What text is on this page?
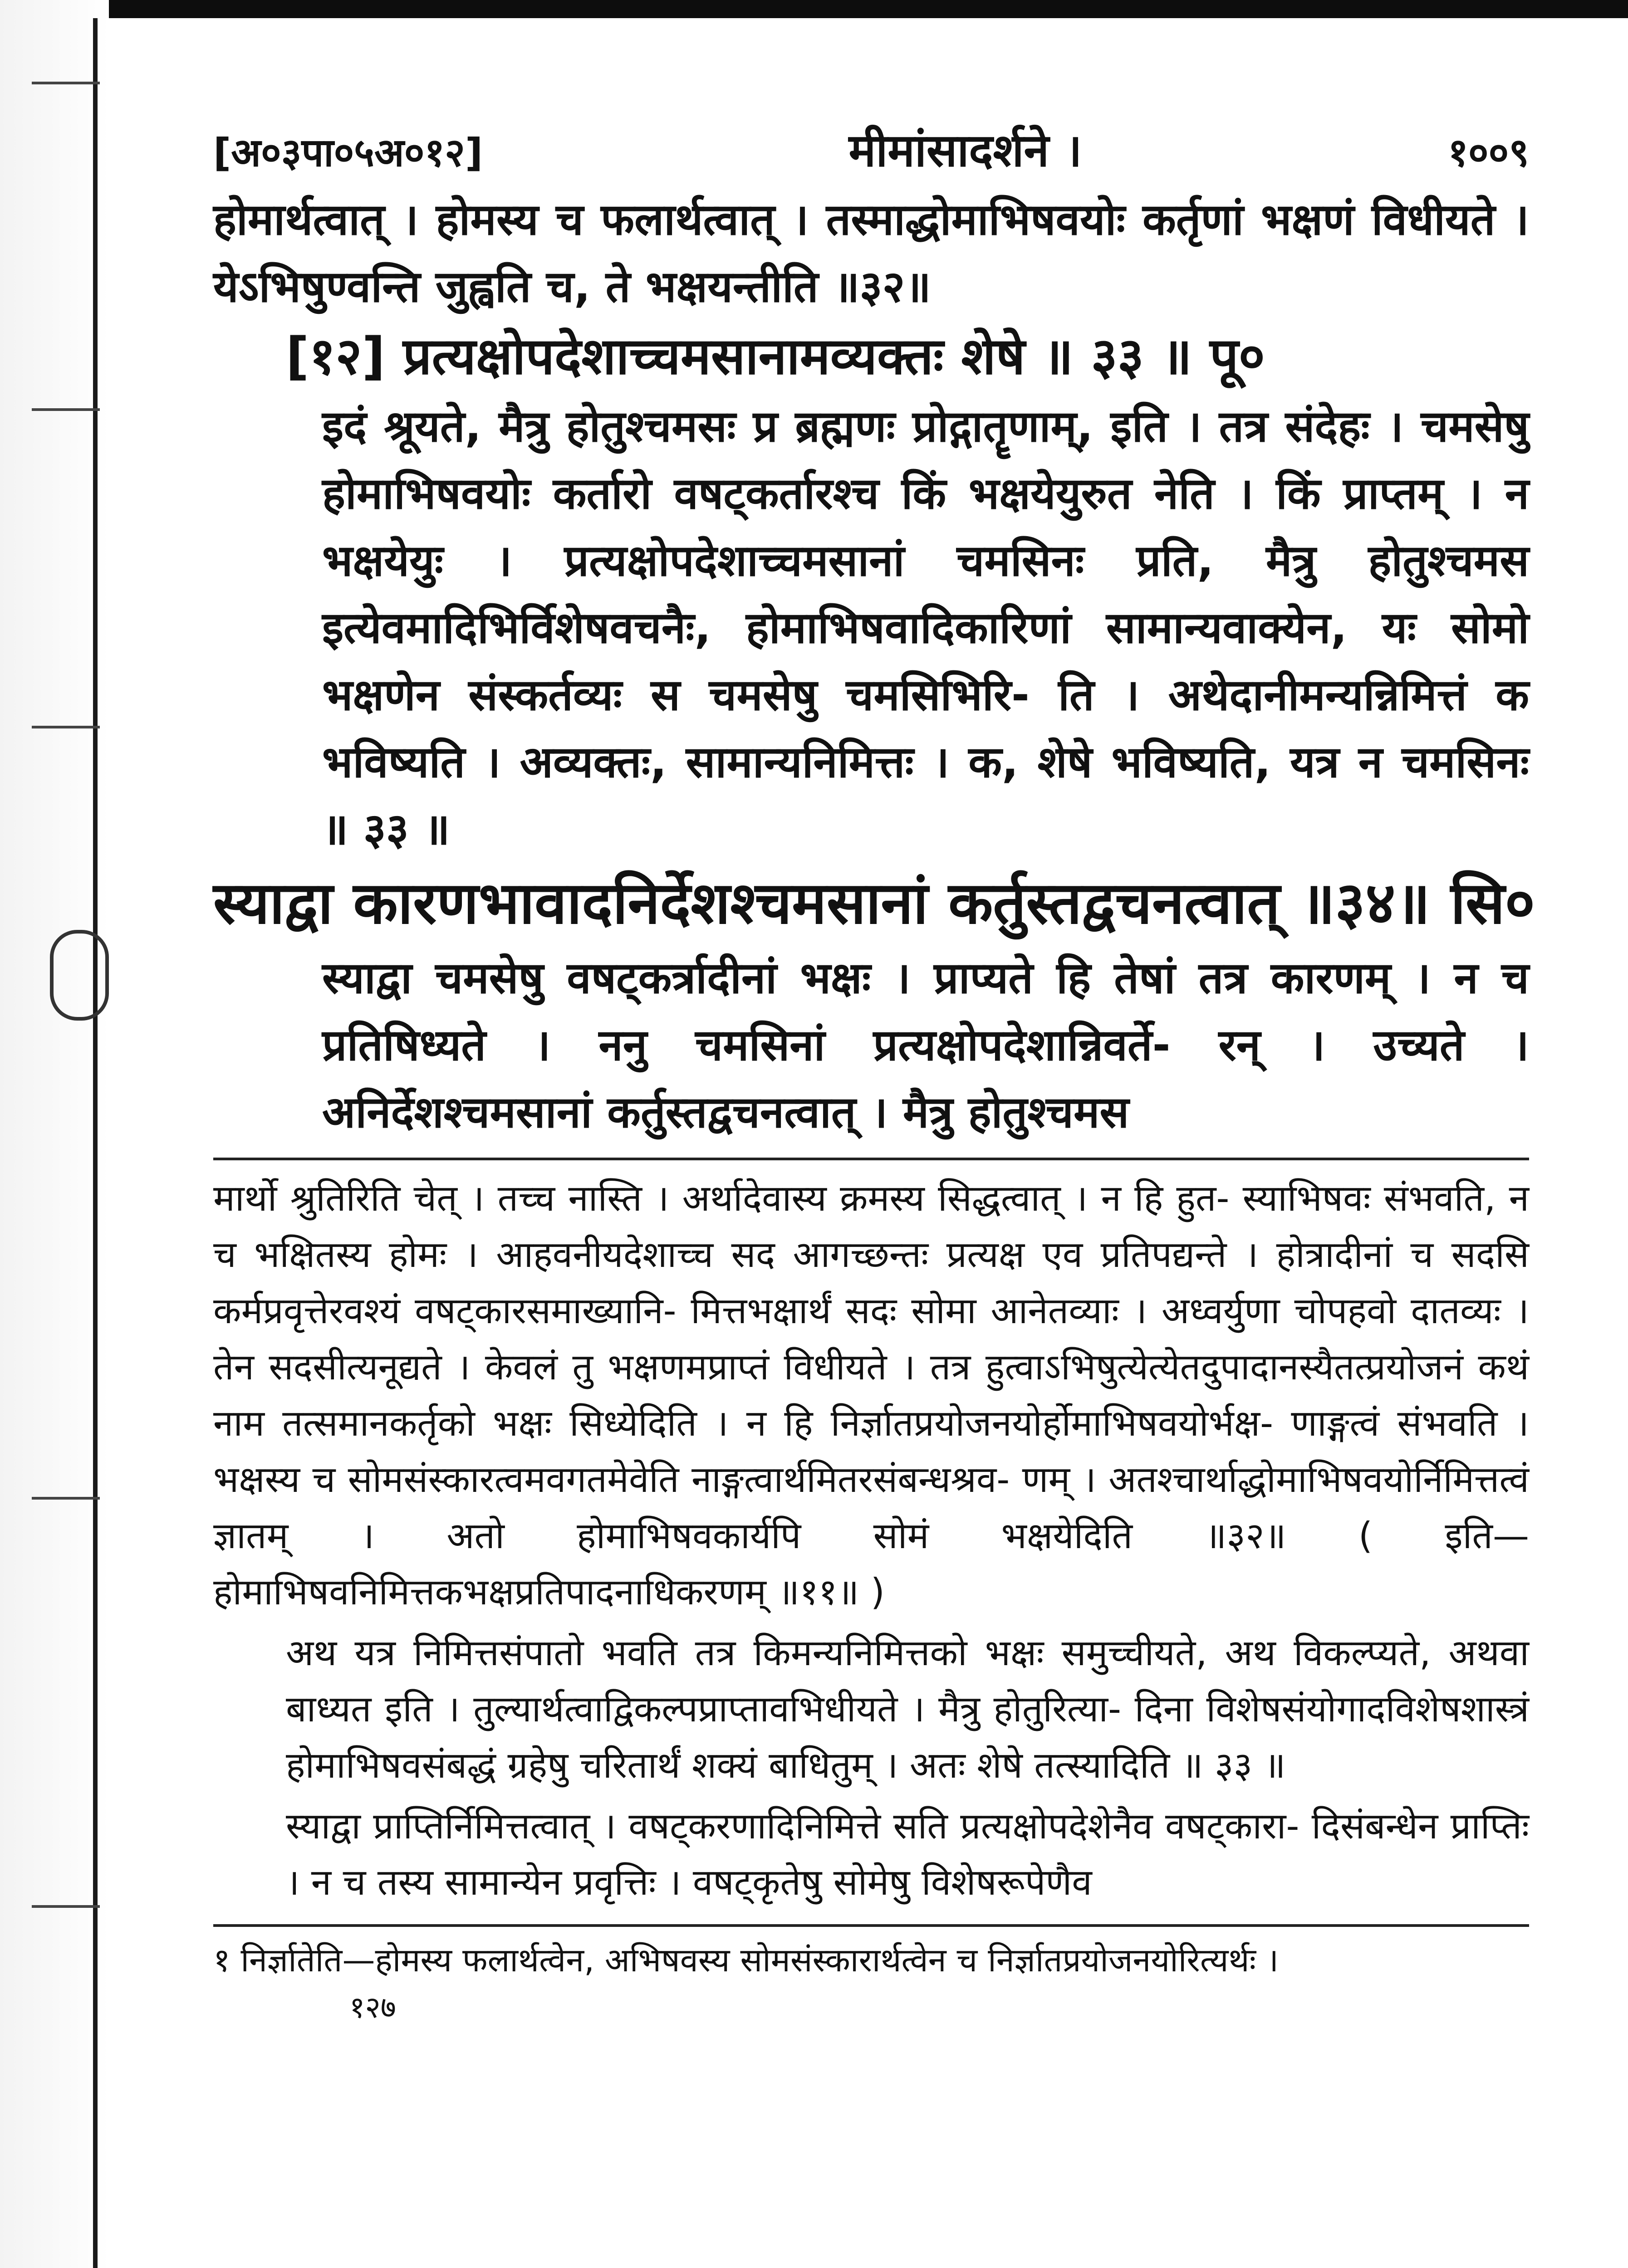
[अ०३पा०५अ०१२]	मीमांसादर्शने ।	१००९
होमार्थत्वात् । होमस्य च फलार्थत्वात् । तस्माद्धोमाभिषवयोः कर्तृणां भक्षणं विधीयते । येऽभिषुण्वन्ति जुह्वति च, ते भक्षयन्तीति ॥३२॥
[१२] प्रत्यक्षोपदेशाच्चमसानामव्यक्तः शेषे ॥ ३३ ॥ पू०
इदं श्रूयते, मैत्रु होतुश्चमसः प्र ब्रह्मणः प्रोद्गातॄणाम्, इति । तत्र संदेहः । चमसेषु होमाभिषवयोः कर्तारो वषट्कर्तारश्च किं भक्षयेयुरुत नेति । किं प्राप्तम् । न भक्षयेयुः । प्रत्यक्षोपदेशाच्चमसानां चमसिनः प्रति, मैत्रु होतुश्चमस इत्येवमादिभिर्विशेषवचनैः, होमाभिषवादिकारिणां सामान्यवाक्येन, यः सोमो भक्षणेन संस्कर्तव्यः स चमसेषु चमसिभिरि- ति । अथेदानीमन्यन्निमित्तं क भविष्यति । अव्यक्तः, सामान्यनिमित्तः । क, शेषे भविष्यति, यत्र न चमसिनः ॥ ३३ ॥
स्याद्वा कारणभावादनिर्देशश्चमसानां कर्तुस्तद्वचनत्वात् ॥३४॥ सि०
स्याद्वा चमसेषु वषट्कर्त्रादीनां भक्षः । प्राप्यते हि तेषां तत्र कारणम् । न च प्रतिषिध्यते । ननु चमसिनां प्रत्यक्षोपदेशान्निवर्ते- रन् । उच्यते । अनिर्देशश्चमसानां कर्तुस्तद्वचनत्वात् । मैत्रु होतुश्चमस
मार्थो श्रुतिरिति चेत् । तच्च नास्ति । अर्थादेवास्य क्रमस्य सिद्धत्वात् । न हि हुत- स्याभिषवः संभवति, न च भक्षितस्य होमः । आहवनीयदेशाच्च सद आगच्छन्तः प्रत्यक्ष एव प्रतिपद्यन्ते । होत्रादीनां च सदसि कर्मप्रवृत्तेरवश्यं वषट्कारसमाख्यानि- मित्तभक्षार्थं सदः सोमा आनेतव्याः । अध्वर्युणा चोपहवो दातव्यः । तेन सदसीत्यनूद्यते । केवलं तु भक्षणमप्राप्तं विधीयते । तत्र हुत्वाऽभिषुत्येत्येतदुपादानस्यैतत्प्रयोजनं कथं नाम तत्समानकर्तृको भक्षः सिध्येदिति । न हि निर्ज्ञातप्रयोजनयोर्होमाभिषवयोर्भक्ष- णाङ्गत्वं संभवति । भक्षस्य च सोमसंस्कारत्वमवगतमेवेति नाङ्गत्वार्थमितरसंबन्धश्रव- णम् । अतश्चार्थाद्धोमाभिषवयोर्निमित्तत्वं ज्ञातम् । अतो होमाभिषवकार्यपि सोमं भक्षयेदिति ॥३२॥ ( इति—होमाभिषवनिमित्तकभक्षप्रतिपादनाधिकरणम् ॥११॥ )
अथ यत्र निमित्तसंपातो भवति तत्र किमन्यनिमित्तको भक्षः समुच्चीयते, अथ विकल्प्यते, अथवा बाध्यत इति । तुल्यार्थत्वाद्विकल्पप्राप्तावभिधीयते । मैत्रु होतुरित्या- दिना विशेषसंयोगादविशेषशास्त्रं होमाभिषवसंबद्धं ग्रहेषु चरितार्थं शक्यं बाधितुम् । अतः शेषे तत्स्यादिति ॥ ३३ ॥
स्याद्वा प्राप्तिर्निमित्तत्वात् । वषट्करणादिनिमित्ते सति प्रत्यक्षोपदेशेनैव वषट्कारा- दिसंबन्धेन प्राप्तिः । न च तस्य सामान्येन प्रवृत्तिः । वषट्कृतेषु सोमेषु विशेषरूपेणैव
१ निर्ज्ञातेति—होमस्य फलार्थत्वेन, अभिषवस्य सोमसंस्कारार्थत्वेन च निर्ज्ञातप्रयोजनयोरित्यर्थः ।
१२७
